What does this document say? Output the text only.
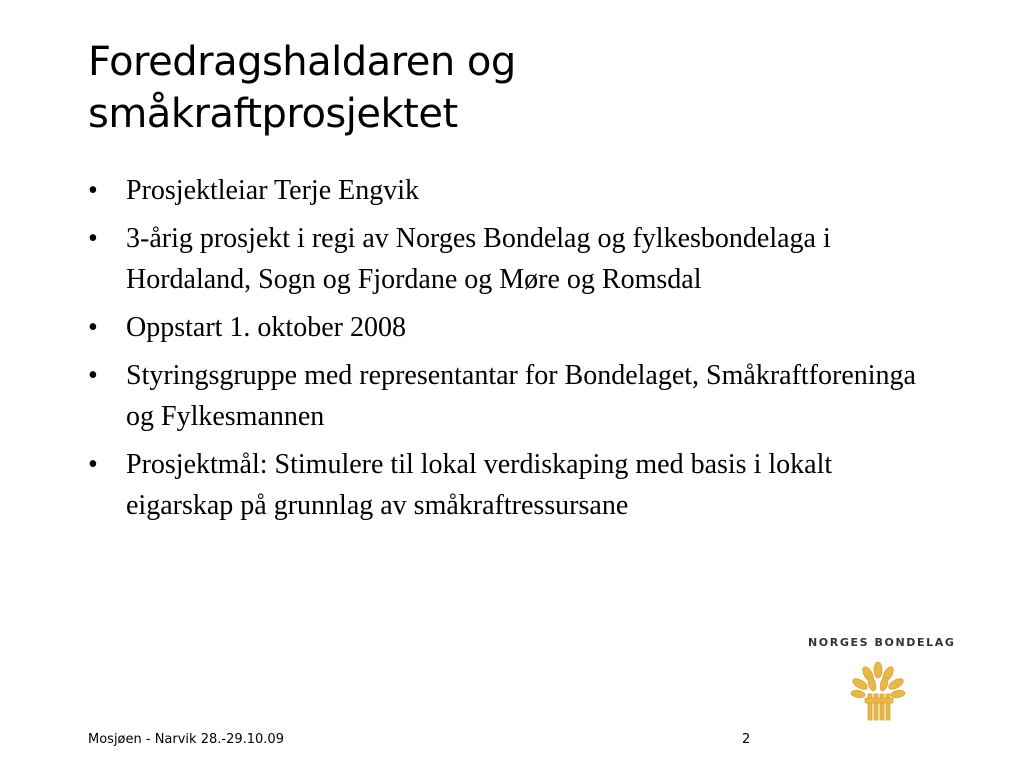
Foredragshaldaren og
småkraftprosjektet
• Prosjektleiar Terje Engvik
• 3-årig prosjekt i regi av Norges Bondelag og fylkesbondelaga i Hordaland, Sogn og Fjordane og Møre og Romsdal
• Oppstart 1. oktober 2008
• Styringsgruppe med representantar for Bondelaget, Småkraftforeninga og Fylkesmannen
• Prosjektmål: Stimulere til lokal verdiskaping med basis i lokalt eigarskap på grunnlag av småkraftressursane
NORGES BONDELAG
Mosjøen - Narvik 28.-29.10.09	2
